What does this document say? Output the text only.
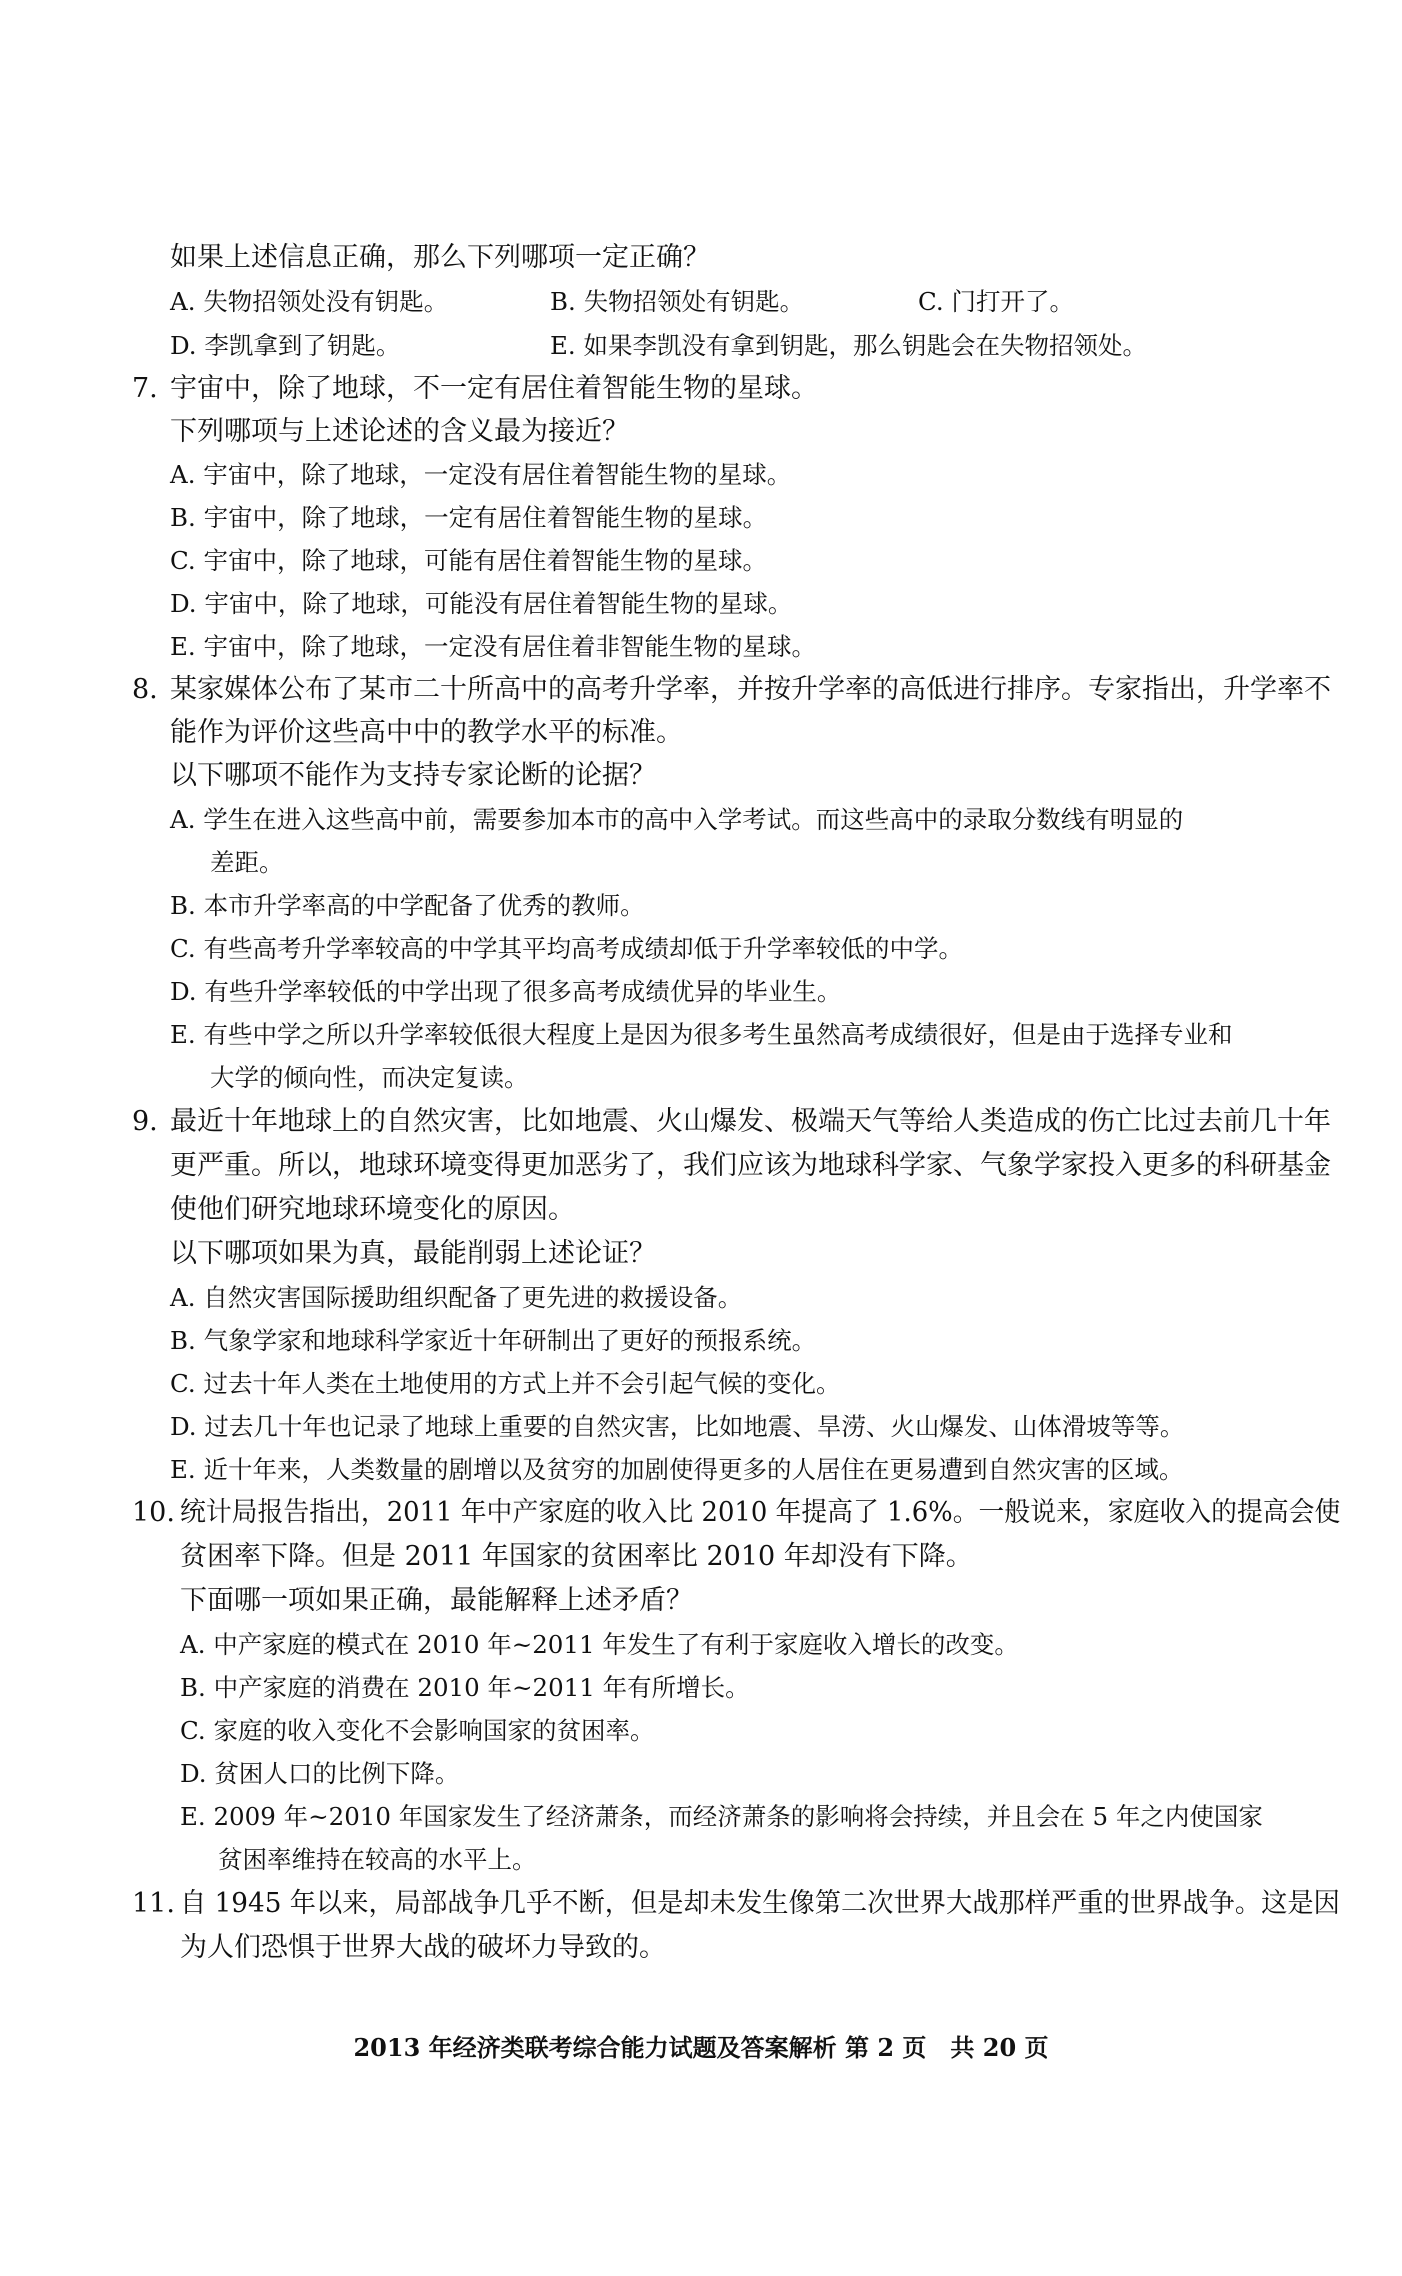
如果上述信息正确，那么下列哪项一定正确？
A. 失物招领处没有钥匙。	B. 失物招领处有钥匙。	C. 门打开了。
D. 李凯拿到了钥匙。	E. 如果李凯没有拿到钥匙，那么钥匙会在失物招领处。
7. 宇宙中，除了地球，不一定有居住着智能生物的星球。
下列哪项与上述论述的含义最为接近？
A. 宇宙中，除了地球，一定没有居住着智能生物的星球。
B. 宇宙中，除了地球，一定有居住着智能生物的星球。
C. 宇宙中，除了地球，可能有居住着智能生物的星球。
D. 宇宙中，除了地球，可能没有居住着智能生物的星球。
E. 宇宙中，除了地球，一定没有居住着非智能生物的星球。
8. 某家媒体公布了某市二十所高中的高考升学率，并按升学率的高低进行排序。专家指出，升学率不
能作为评价这些高中中的教学水平的标准。
以下哪项不能作为支持专家论断的论据？
A. 学生在进入这些高中前，需要参加本市的高中入学考试。而这些高中的录取分数线有明显的
差距。
B. 本市升学率高的中学配备了优秀的教师。
C. 有些高考升学率较高的中学其平均高考成绩却低于升学率较低的中学。
D. 有些升学率较低的中学出现了很多高考成绩优异的毕业生。
E. 有些中学之所以升学率较低很大程度上是因为很多考生虽然高考成绩很好，但是由于选择专业和
大学的倾向性，而决定复读。
9. 最近十年地球上的自然灾害，比如地震、火山爆发、极端天气等给人类造成的伤亡比过去前几十年
更严重。所以，地球环境变得更加恶劣了，我们应该为地球科学家、气象学家投入更多的科研基金
使他们研究地球环境变化的原因。
以下哪项如果为真，最能削弱上述论证？
A. 自然灾害国际援助组织配备了更先进的救援设备。
B. 气象学家和地球科学家近十年研制出了更好的预报系统。
C. 过去十年人类在土地使用的方式上并不会引起气候的变化。
D. 过去几十年也记录了地球上重要的自然灾害，比如地震、旱涝、火山爆发、山体滑坡等等。
E. 近十年来，人类数量的剧增以及贫穷的加剧使得更多的人居住在更易遭到自然灾害的区域。
10. 统计局报告指出，2011 年中产家庭的收入比 2010 年提高了 1.6%。一般说来，家庭收入的提高会使
贫困率下降。但是 2011 年国家的贫困率比 2010 年却没有下降。
下面哪一项如果正确，最能解释上述矛盾？
A. 中产家庭的模式在 2010 年~2011 年发生了有利于家庭收入增长的改变。
B. 中产家庭的消费在 2010 年~2011 年有所增长。
C. 家庭的收入变化不会影响国家的贫困率。
D. 贫困人口的比例下降。
E. 2009 年~2010 年国家发生了经济萧条，而经济萧条的影响将会持续，并且会在 5 年之内使国家
贫困率维持在较高的水平上。
11. 自 1945 年以来，局部战争几乎不断，但是却未发生像第二次世界大战那样严重的世界战争。这是因
为人们恐惧于世界大战的破坏力导致的。
2013 年经济类联考综合能力试题及答案解析 第 2 页　共 20 页
